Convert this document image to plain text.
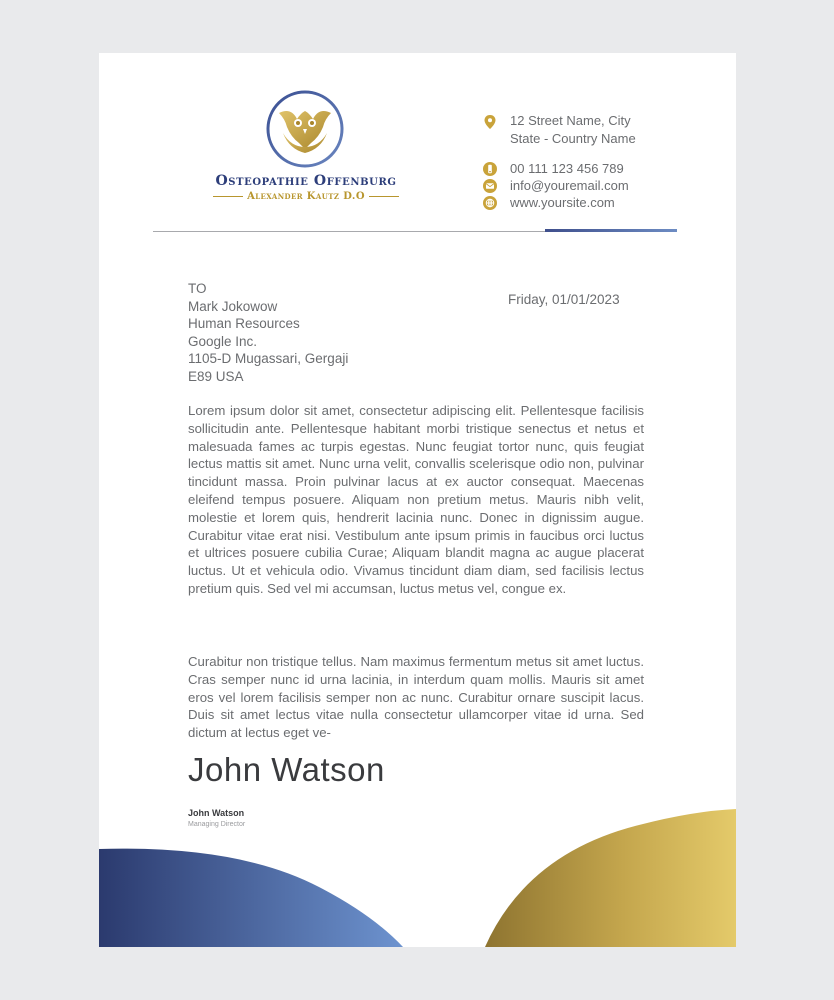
Osteopathie Offenburg
Alexander Kautz D.O
12 Street Name, City
State - Country Name
00 111 123 456 789
info@youremail.com
www.yoursite.com
TO
Mark Jokowow
Human Resources
Google Inc.
1105-D Mugassari, Gergaji
E89 USA
Friday, 01/01/2023
Lorem ipsum dolor sit amet, consectetur adipiscing elit. Pellentesque facilisis sollicitudin ante. Pellentesque habitant morbi tristique senectus et netus et malesuada fames ac turpis egestas. Nunc feugiat tortor nunc, quis feugiat lectus mattis sit amet. Nunc urna velit, convallis scelerisque odio non, pulvinar tincidunt massa. Proin pulvinar lacus at ex auctor consequat. Maecenas eleifend tempus posuere. Aliquam non pretium metus. Mauris nibh velit, molestie et lorem quis, hendrerit lacinia nunc. Donec in dignissim augue. Curabitur vitae erat nisi. Vestibulum ante ipsum primis in faucibus orci luctus et ultrices posuere cubilia Curae; Aliquam blandit magna ac augue placerat luctus. Ut et vehicula odio. Vivamus tincidunt diam diam, sed facilisis lectus pretium quis. Sed vel mi accumsan, luctus metus vel, congue ex.
Curabitur non tristique tellus. Nam maximus fermentum metus sit amet luctus. Cras semper nunc id urna lacinia, in interdum quam mollis. Mauris sit amet eros vel lorem facilisis semper non ac nunc. Curabitur ornare suscipit lacus. Duis sit amet lectus vitae nulla consectetur ullamcorper vitae id urna. Sed dictum at lectus eget ve-
John Watson
John Watson
Managing Director
